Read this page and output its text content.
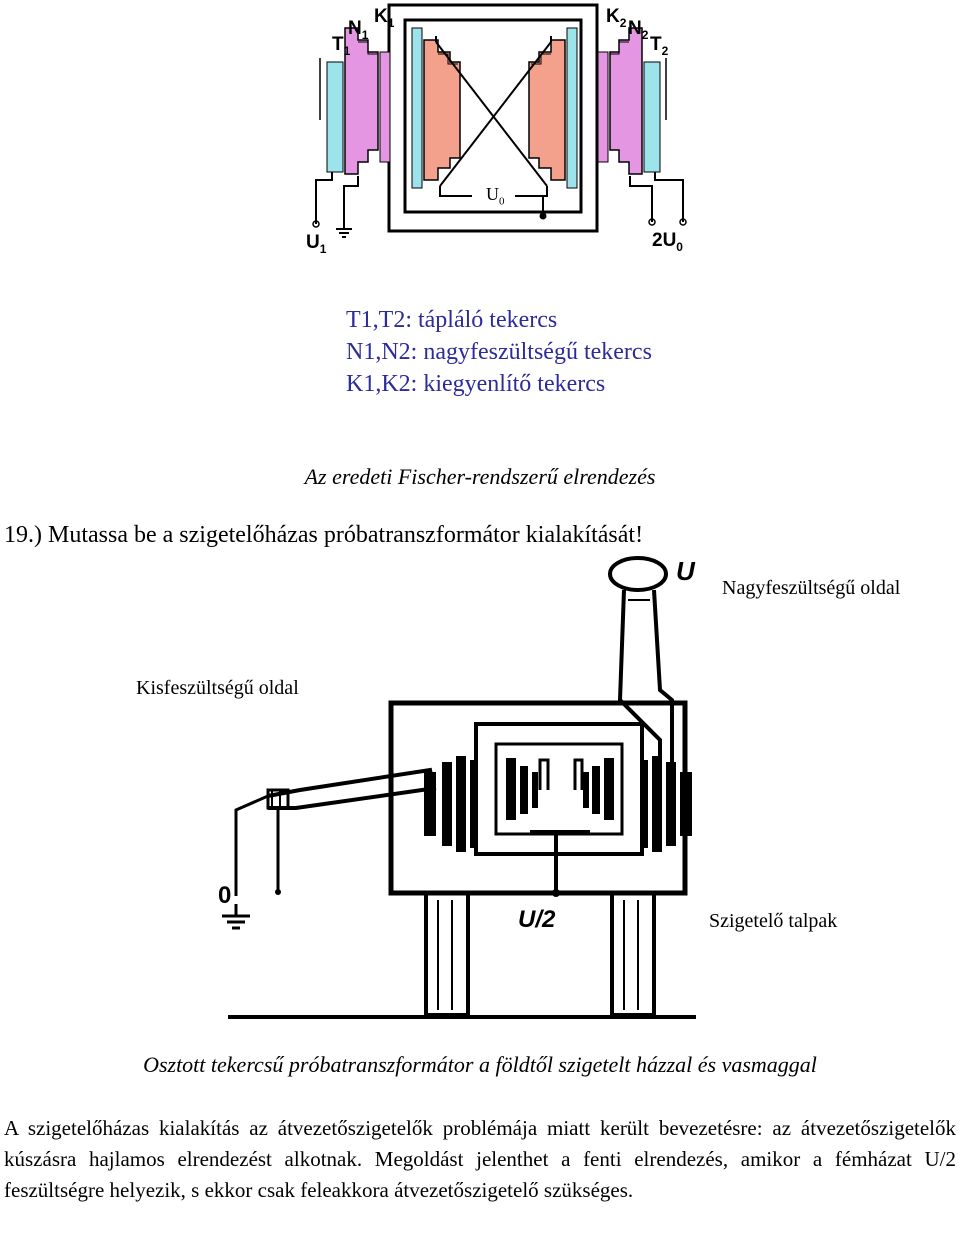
$K_1$
$N_1$
$T_1$
$K_2$ $N_2$ $T_2$
$U_0$
$U_1$	$2U_0$
T1,T2: tápláló tekercs
N1,N2: nagyfeszültségű tekercs
K1,K2: kiegyenlítő tekercs
Az eredeti Fischer-rendszerű elrendezés
19.) Mutassa be a szigetelőházas próbatranszformátor kialakítását!
U
Nagyfeszültségű oldal
Kisfeszültségű oldal
Szigetelő talpak
U/2
0
Osztott tekercsű próbatranszformátor a földtől szigetelt házzal és vasmaggal
A szigetelőházas kialakítás az átvezetőszigetelők problémája miatt került bevezetésre: az átvezetőszigetelők kúszásra hajlamos elrendezést alkotnak. Megoldást jelenthet a fenti elrendezés, amikor a fémházat U/2 feszültségre helyezik, s ekkor csak feleakkora átvezetőszigetelő szükséges.
